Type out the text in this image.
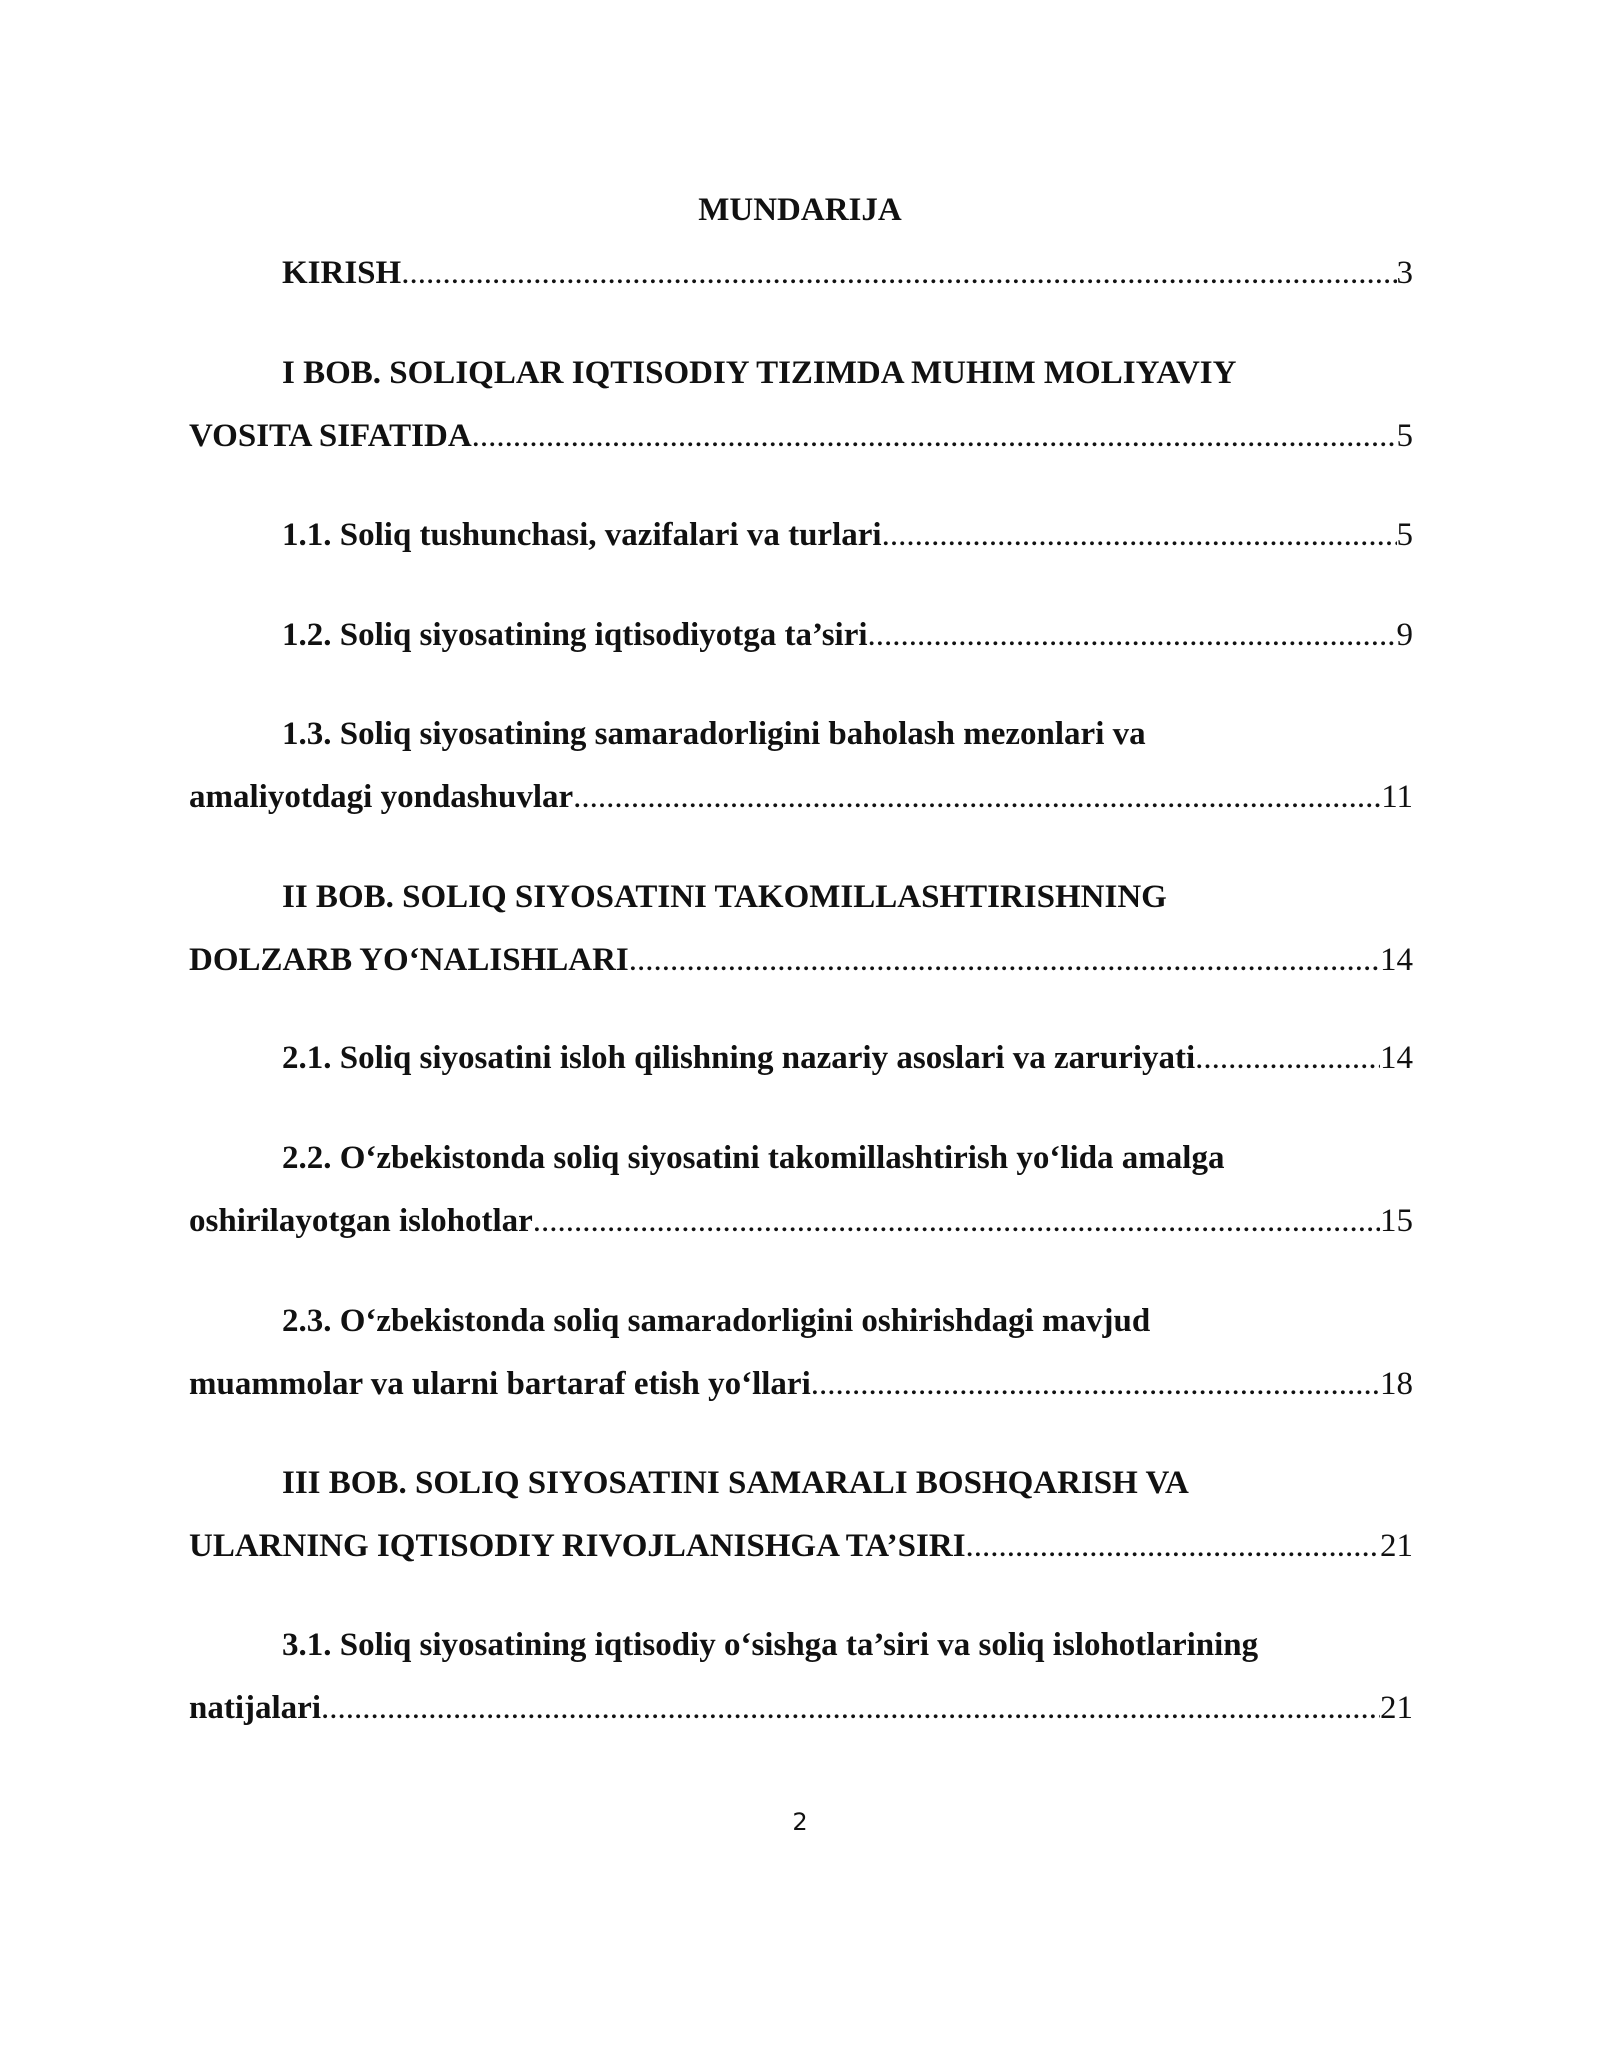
MUNDARIJA
KIRISH .....	3
I BOB. SOLIQLAR IQTISODIY TIZIMDA MUHIM MOLIYAVIY
VOSITA SIFATIDA .....	5
1.1. Soliq tushunchasi, vazifalari va turlari .....	5
1.2. Soliq siyosatining iqtisodiyotga ta’siri .....	9
1.3. Soliq siyosatining samaradorligini baholash mezonlari va
amaliyotdagi yondashuvlar .....	11
II BOB. SOLIQ SIYOSATINI TAKOMILLASHTIRISHNING
DOLZARB YO‘NALISHLARI .....	14
2.1. Soliq siyosatini isloh qilishning nazariy asoslari va zaruriyati .....	14
2.2. O‘zbekistonda soliq siyosatini takomillashtirish yo‘lida amalga
oshirilayotgan islohotlar .....	15
2.3. O‘zbekistonda soliq samaradorligini oshirishdagi mavjud
muammolar va ularni bartaraf etish yo‘llari .....	18
III BOB. SOLIQ SIYOSATINI SAMARALI BOSHQARISH VA
ULARNING IQTISODIY RIVOJLANISHGA TA’SIRI .....	21
3.1. Soliq siyosatining iqtisodiy o‘sishga ta’siri va soliq islohotlarining
natijalari .....	21
2
